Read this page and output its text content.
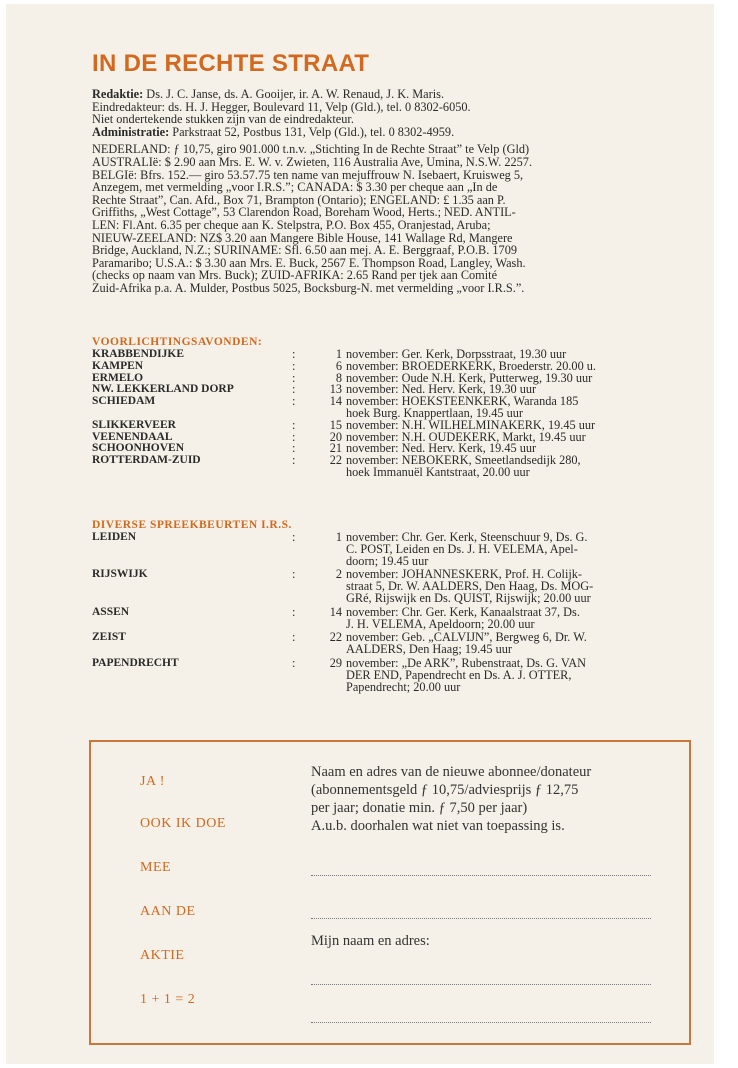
IN DE RECHTE STRAAT
Redaktie: Ds. J. C. Janse, ds. A. Gooijer, ir. A. W. Renaud, J. K. Maris.
Eindredakteur: ds. H. J. Hegger, Boulevard 11, Velp (Gld.), tel. 0 8302-6050.
Niet ondertekende stukken zijn van de eindredakteur.
Administratie: Parkstraat 52, Postbus 131, Velp (Gld.), tel. 0 8302-4959.
NEDERLAND: ƒ 10,75, giro 901.000 t.n.v. „Stichting In de Rechte Straat” te Velp (Gld)
AUSTRALIë: $ 2.90 aan Mrs. E. W. v. Zwieten, 116 Australia Ave, Umina, N.S.W. 2257.
BELGIë: Bfrs. 152.— giro 53.57.75 ten name van mejuffrouw N. Isebaert, Kruisweg 5,
Anzegem, met vermelding „voor I.R.S.”; CANADA: $ 3.30 per cheque aan „In de
Rechte Straat”, Can. Afd., Box 71, Brampton (Ontario); ENGELAND: £ 1.35 aan P.
Griffiths, „West Cottage”, 53 Clarendon Road, Boreham Wood, Herts.; NED. ANTIL-
LEN: Fl.Ant. 6.35 per cheque aan K. Stelpstra, P.O. Box 455, Oranjestad, Aruba;
NIEUW-ZEELAND: NZ$ 3.20 aan Mangere Bible House, 141 Wallage Rd, Mangere
Bridge, Auckland, N.Z.; SURINAME: Sfl. 6.50 aan mej. A. E. Berggraaf, P.O.B. 1709
Paramaribo; U.S.A.: $ 3.30 aan Mrs. E. Buck, 2567 E. Thompson Road, Langley, Wash.
(checks op naam van Mrs. Buck); ZUID-AFRIKA: 2.65 Rand per tjek aan Comité
Zuid-Afrika p.a. A. Mulder, Postbus 5025, Bocksburg-N. met vermelding „voor I.R.S.”.
VOORLICHTINGSAVONDEN:
KRABBENDIJKE	:	1 november: Ger. Kerk, Dorpsstraat, 19.30 uur
KAMPEN	:	6 november: BROEDERKERK, Broederstr. 20.00 u.
ERMELO	:	8 november: Oude N.H. Kerk, Putterweg, 19.30 uur
NW. LEKKERLAND DORP	:	13 november: Ned. Herv. Kerk, 19.30 uur
SCHIEDAM	:	14 november: HOEKSTEENKERK, Waranda 185
hoek Burg. Knappertlaan, 19.45 uur
SLIKKERVEER	:	15 november: N.H. WILHELMINAKERK, 19.45 uur
VEENENDAAL	:	20 november: N.H. OUDEKERK, Markt, 19.45 uur
SCHOONHOVEN	:	21 november: Ned. Herv. Kerk, 19.45 uur
ROTTERDAM-ZUID	:	22 november: NEBOKERK, Smeetlandsedijk 280,
hoek Immanuël Kantstraat, 20.00 uur
DIVERSE SPREEKBEURTEN I.R.S.
LEIDEN	:	1 november: Chr. Ger. Kerk, Steenschuur 9, Ds. G.
C. POST, Leiden en Ds. J. H. VELEMA, Apel-
doorn; 19.45 uur
RIJSWIJK	:	2 november: JOHANNESKERK, Prof. H. Colijk-
straat 5, Dr. W. AALDERS, Den Haag, Ds. MOG-
GRé, Rijswijk en Ds. QUIST, Rijswijk; 20.00 uur
ASSEN	:	14 november: Chr. Ger. Kerk, Kanaalstraat 37, Ds.
J. H. VELEMA, Apeldoorn; 20.00 uur
ZEIST	:	22 november: Geb. „CALVIJN”, Bergweg 6, Dr. W.
AALDERS, Den Haag; 19.45 uur
PAPENDRECHT	:	29 november: „De ARK”, Rubenstraat, Ds. G. VAN
DER END, Papendrecht en Ds. A. J. OTTER,
Papendrecht; 20.00 uur
JA !
OOK IK DOE
MEE
AAN DE
AKTIE
1 + 1 = 2
Naam en adres van de nieuwe abonnee/donateur
(abonnementsgeld ƒ 10,75/adviesprijs ƒ 12,75
per jaar; donatie min. ƒ 7,50 per jaar)
A.u.b. doorhalen wat niet van toepassing is.
Mijn naam en adres:
